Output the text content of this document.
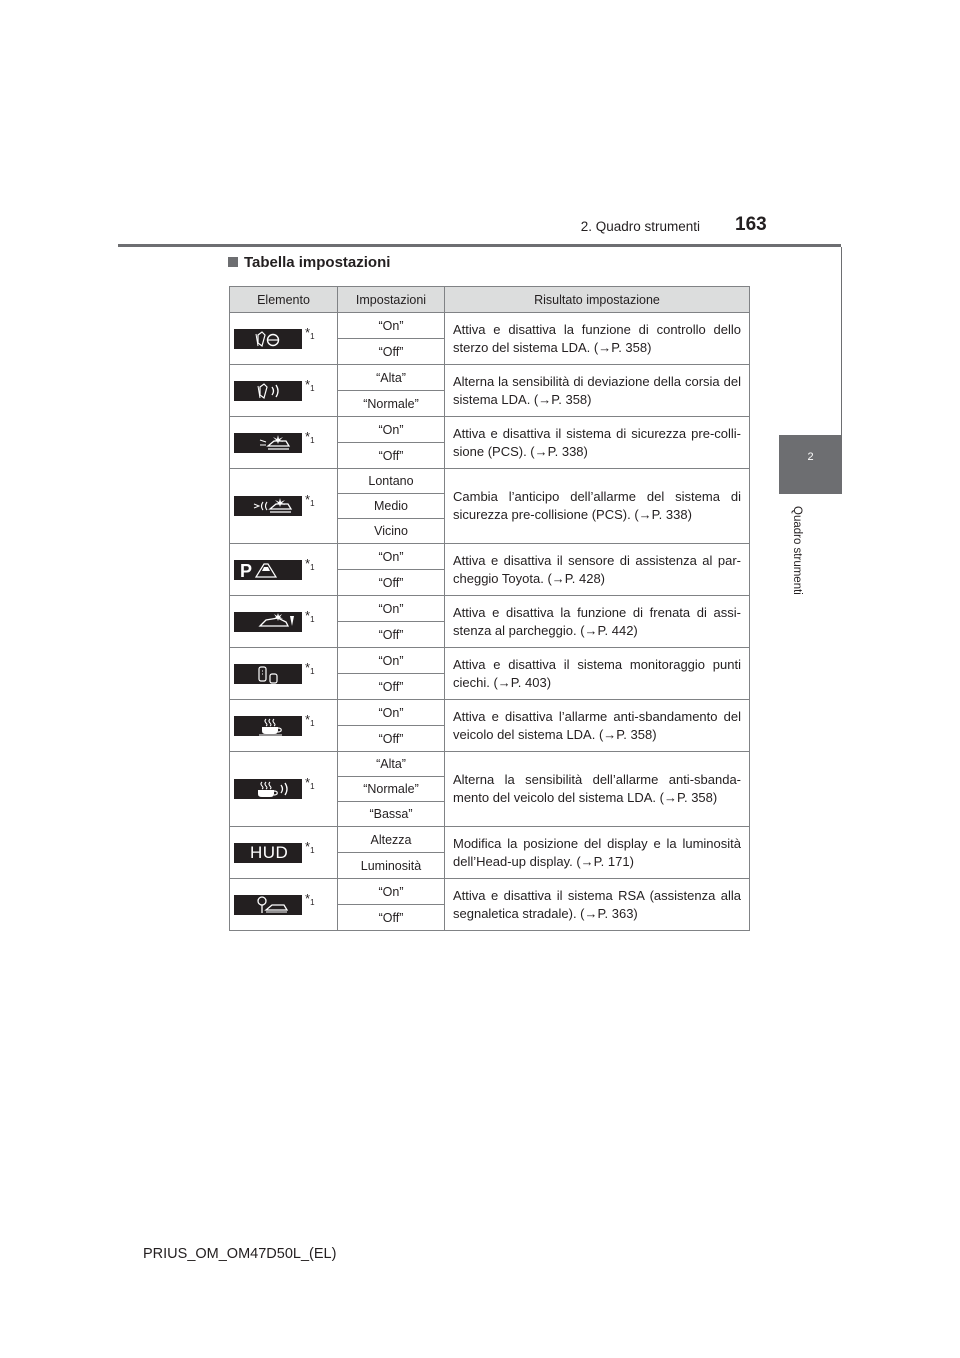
2. Quadro strumenti 163
2
Quadro strumenti
Tabella impostazioni
Elemento	Impostazioni	Risultato impostazione

$*_1$	“On”	Attiva e disattiva la funzione di controllo dello sterzo del sistema LDA. (→P. 358)
	“Off”	

$*_1$	“Alta”	Alterna la sensibilità di deviazione della corsia del sistema LDA. (→P. 358)
	“Normale”	

$*_1$	“On”	Attiva e disattiva il sistema di sicurezza pre-colli-sione (PCS). (→P. 338)
	“Off”	

$*_1$	Lontano	Cambia l’anticipo dell’allarme del sistema di sicurezza pre-collisione (PCS). (→P. 338)
	Medio	
	Vicino	

P $*_1$	“On”	Attiva e disattiva il sensore di assistenza al par-cheggio Toyota. (→P. 428)
	“Off”	

$*_1$	“On”	Attiva e disattiva la funzione di frenata di assi-stenza al parcheggio. (→P. 442)
	“Off”	

$*_1$	“On”	Attiva e disattiva il sistema monitoraggio punti ciechi. (→P. 403)
	“Off”	

$*_1$	“On”	Attiva e disattiva l’allarme anti-sbandamento del veicolo del sistema LDA. (→P. 358)
	“Off”	

$*_1$	“Alta”	Alterna la sensibilità dell’allarme anti-sbanda-mento del veicolo del sistema LDA. (→P. 358)
	“Normale”	
	“Bassa”	

HUD $*_1$	Altezza	Modifica la posizione del display e la luminosità dell’Head-up display. (→P. 171)
	Luminosità	

$*_1$	“On”	Attiva e disattiva il sistema RSA (assistenza alla segnaletica stradale). (→P. 363)
	“Off”	
PRIUS_OM_OM47D50L_(EL)
